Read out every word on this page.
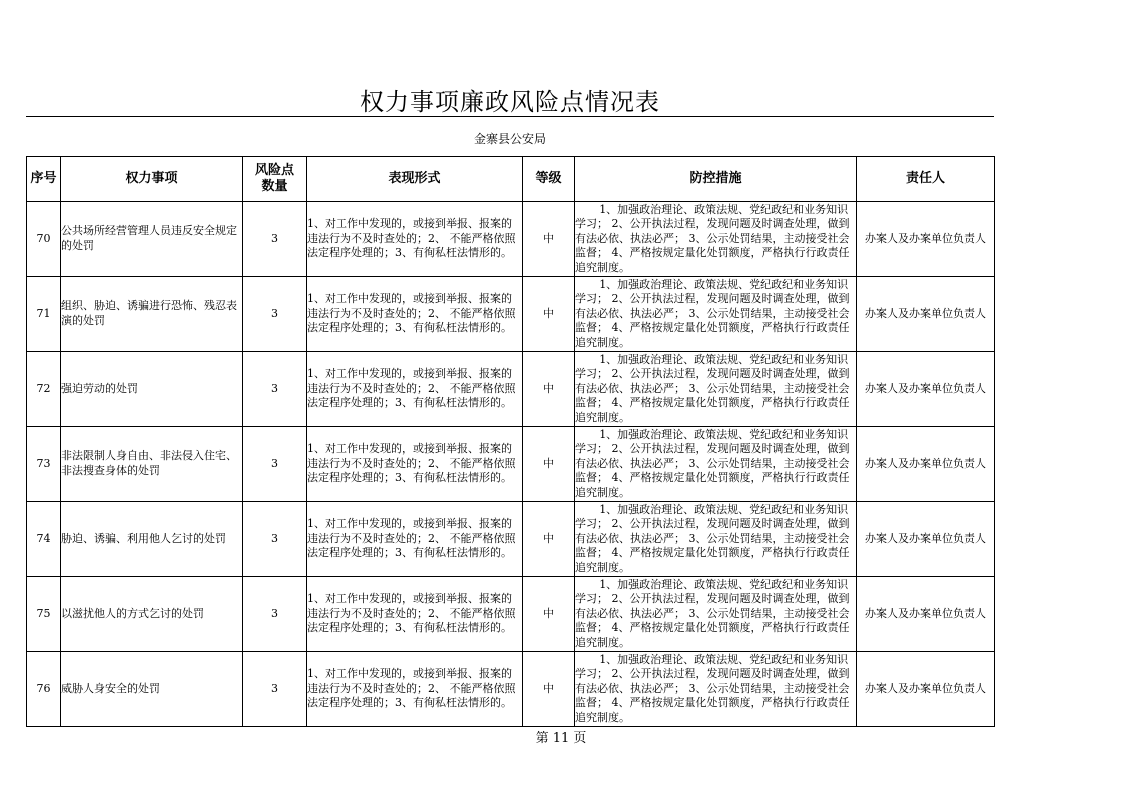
权力事项廉政风险点情况表
金寨县公安局
序号	权力事项	风险点数量	表现形式	等级	防控措施	责任人
70	公共场所经营管理人员违反安全规定的处罚	3	1、对工作中发现的，或接到举报、报案的违法行为不及时查处的；2、 不能严格依照法定程序处理的；3、有徇私枉法情形的。	中	1、加强政治理论、政策法规、党纪政纪和业务知识学习； 2、公开执法过程，发现问题及时调查处理，做到有法必依、执法必严； 3、公示处罚结果，主动接受社会监督； 4、严格按规定量化处罚额度，严格执行行政责任追究制度。	办案人及办案单位负责人
71	组织、胁迫、诱骗进行恐怖、残忍表演的处罚	3	1、对工作中发现的，或接到举报、报案的违法行为不及时查处的；2、 不能严格依照法定程序处理的；3、有徇私枉法情形的。	中	1、加强政治理论、政策法规、党纪政纪和业务知识学习； 2、公开执法过程，发现问题及时调查处理，做到有法必依、执法必严； 3、公示处罚结果，主动接受社会监督； 4、严格按规定量化处罚额度，严格执行行政责任追究制度。	办案人及办案单位负责人
72	强迫劳动的处罚	3	1、对工作中发现的，或接到举报、报案的违法行为不及时查处的；2、 不能严格依照法定程序处理的；3、有徇私枉法情形的。	中	1、加强政治理论、政策法规、党纪政纪和业务知识学习； 2、公开执法过程，发现问题及时调查处理，做到有法必依、执法必严； 3、公示处罚结果，主动接受社会监督； 4、严格按规定量化处罚额度，严格执行行政责任追究制度。	办案人及办案单位负责人
73	非法限制人身自由、非法侵入住宅、非法搜查身体的处罚	3	1、对工作中发现的，或接到举报、报案的违法行为不及时查处的；2、 不能严格依照法定程序处理的；3、有徇私枉法情形的。	中	1、加强政治理论、政策法规、党纪政纪和业务知识学习； 2、公开执法过程，发现问题及时调查处理，做到有法必依、执法必严； 3、公示处罚结果，主动接受社会监督； 4、严格按规定量化处罚额度，严格执行行政责任追究制度。	办案人及办案单位负责人
74	胁迫、诱骗、利用他人乞讨的处罚	3	1、对工作中发现的，或接到举报、报案的违法行为不及时查处的；2、 不能严格依照法定程序处理的；3、有徇私枉法情形的。	中	1、加强政治理论、政策法规、党纪政纪和业务知识学习； 2、公开执法过程，发现问题及时调查处理，做到有法必依、执法必严； 3、公示处罚结果，主动接受社会监督； 4、严格按规定量化处罚额度，严格执行行政责任追究制度。	办案人及办案单位负责人
75	以滋扰他人的方式乞讨的处罚	3	1、对工作中发现的，或接到举报、报案的违法行为不及时查处的；2、 不能严格依照法定程序处理的；3、有徇私枉法情形的。	中	1、加强政治理论、政策法规、党纪政纪和业务知识学习； 2、公开执法过程，发现问题及时调查处理，做到有法必依、执法必严； 3、公示处罚结果，主动接受社会监督； 4、严格按规定量化处罚额度，严格执行行政责任追究制度。	办案人及办案单位负责人
76	威胁人身安全的处罚	3	1、对工作中发现的，或接到举报、报案的违法行为不及时查处的；2、 不能严格依照法定程序处理的；3、有徇私枉法情形的。	中	1、加强政治理论、政策法规、党纪政纪和业务知识学习； 2、公开执法过程，发现问题及时调查处理，做到有法必依、执法必严； 3、公示处罚结果，主动接受社会监督； 4、严格按规定量化处罚额度，严格执行行政责任追究制度。	办案人及办案单位负责人
第 11 页
